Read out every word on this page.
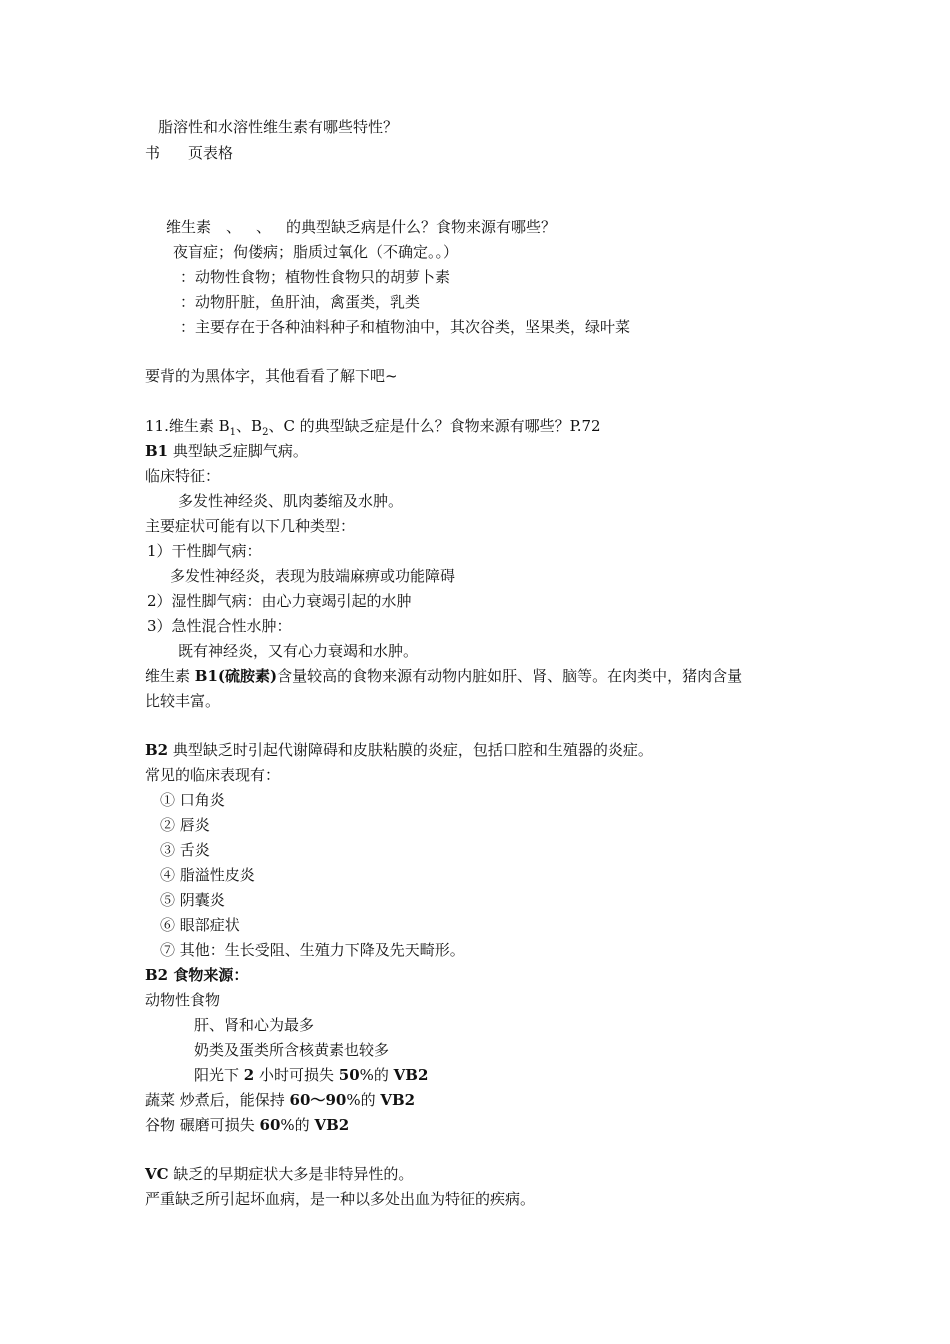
脂溶性和水溶性维生素有哪些特性？
书 页表格
维生素 、 、 的典型缺乏病是什么？食物来源有哪些？
夜盲症；佝偻病；脂质过氧化（不确定。。）
：动物性食物；植物性食物只的胡萝卜素
：动物肝脏，鱼肝油，禽蛋类，乳类
：主要存在于各种油料种子和植物油中，其次谷类，坚果类，绿叶菜
要背的为黑体字，其他看看了解下吧~
11.维生素 $B_1$、$B_2$、C 的典型缺乏症是什么？食物来源有哪些？P.72
B1 典型缺乏症脚气病。
临床特征：
多发性神经炎、肌肉萎缩及水肿。
主要症状可能有以下几种类型：
1）干性脚气病：
多发性神经炎，表现为肢端麻痹或功能障碍
2）湿性脚气病：由心力衰竭引起的水肿
3）急性混合性水肿：
既有神经炎，又有心力衰竭和水肿。
维生素 B1(硫胺素)含量较高的食物来源有动物内脏如肝、肾、脑等。在肉类中，猪肉含量
比较丰富。
B2 典型缺乏时引起代谢障碍和皮肤粘膜的炎症，包括口腔和生殖器的炎症。
常见的临床表现有：
① 口角炎
② 唇炎
③ 舌炎
④ 脂溢性皮炎
⑤ 阴囊炎
⑥ 眼部症状
⑦ 其他：生长受阻、生殖力下降及先天畸形。
B2 食物来源：
动物性食物
肝、肾和心为最多
奶类及蛋类所含核黄素也较多
阳光下 2 小时可损失 50%的 VB2
蔬菜 炒煮后，能保持 60～90%的 VB2
谷物 碾磨可损失 60%的 VB2
VC 缺乏的早期症状大多是非特异性的。
严重缺乏所引起坏血病，是一种以多处出血为特征的疾病。
